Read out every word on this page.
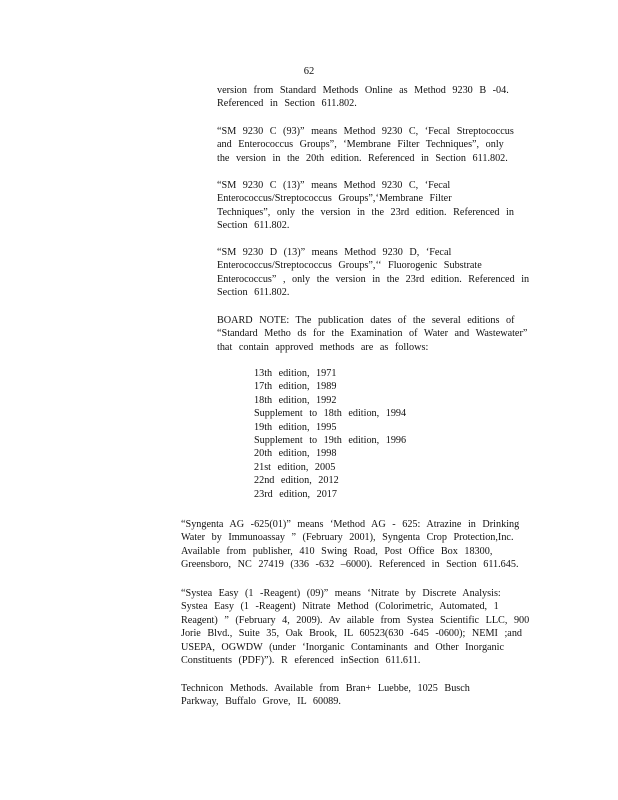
62
version from Standard Methods Online as Method 9230 B -04.
Referenced in Section 611.802.
“SM 9230 C (93)” means Method 9230 C, ‘Fecal Streptococcus
and Enterococcus Groups”, ‘Membrane Filter Techniques”, only
the version in the 20th edition. Referenced in Section 611.802.
“SM 9230 C (13)” means Method 9230 C, ‘Fecal
Enterococcus/Streptococcus Groups”,‘Membrane Filter
Techniques”, only the version in the 23rd edition. Referenced in
Section 611.802.
“SM 9230 D (13)” means Method 9230 D, ‘Fecal
Enterococcus/Streptococcus Groups”,‘‘ Fluorogenic Substrate
Enterococcus” , only the version in the 23rd edition. Referenced in
Section 611.802.
BOARD NOTE: The publication dates of the several editions of
“Standard Metho ds for the Examination of Water and Wastewater”
that contain approved methods are as follows:
13th edition, 1971
17th edition, 1989
18th edition, 1992
Supplement to 18th edition, 1994
19th edition, 1995
Supplement to 19th edition, 1996
20th edition, 1998
21st edition, 2005
22nd edition, 2012
23rd edition, 2017
“Syngenta AG -625(01)” means ‘Method AG - 625: Atrazine in Drinking
Water by Immunoassay ” (February 2001), Syngenta Crop Protection,Inc.
Available from publisher, 410 Swing Road, Post Office Box 18300,
Greensboro, NC 27419 (336 -632 –6000). Referenced in Section 611.645.
“Systea Easy (1 -Reagent) (09)” means ‘Nitrate by Discrete Analysis:
Systea Easy (1 -Reagent) Nitrate Method (Colorimetric, Automated, 1
Reagent) ” (February 4, 2009). Av ailable from Systea Scientific LLC, 900
Jorie Blvd., Suite 35, Oak Brook, IL 60523(630 -645 -0600); NEMI ;and
USEPA, OGWDW (under ‘Inorganic Contaminants and Other Inorganic
Constituents (PDF)”). R eferenced inSection 611.611.
Technicon Methods. Available from Bran+ Luebbe, 1025 Busch
Parkway, Buffalo Grove, IL 60089.
